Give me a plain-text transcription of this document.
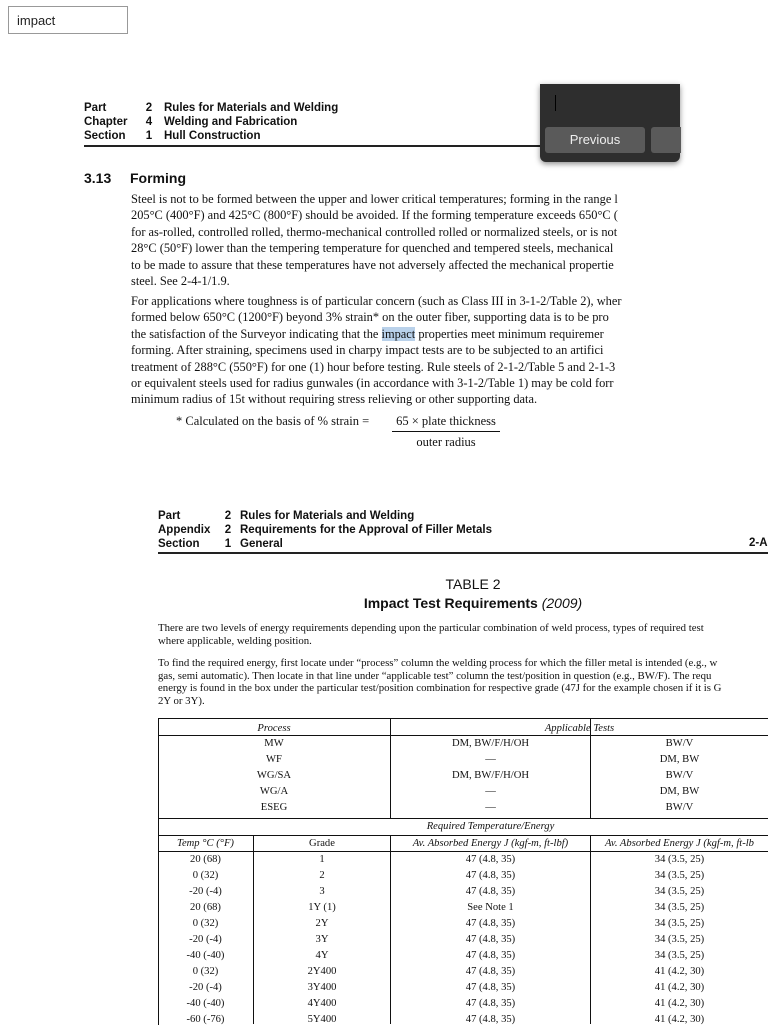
Part	2	Rules for Materials and Welding
Chapter	4	Welding and Fabrication
Section	1	Hull Construction
impact
Previous
3.13 Forming
Steel is not to be formed between the upper and lower critical temperatures; forming in the range l
205°C (400°F) and 425°C (800°F) should be avoided. If the forming temperature exceeds 650°C (
for as-rolled, controlled rolled, thermo-mechanical controlled rolled or normalized steels, or is not
28°C (50°F) lower than the tempering temperature for quenched and tempered steels, mechanical
to be made to assure that these temperatures have not adversely affected the mechanical propertie
steel. See 2-4-1/1.9.
For applications where toughness is of particular concern (such as Class III in 3-1-2/Table 2), wher
formed below 650°C (1200°F) beyond 3% strain* on the outer fiber, supporting data is to be pro
the satisfaction of the Surveyor indicating that the impact properties meet minimum requiremer
forming. After straining, specimens used in charpy impact tests are to be subjected to an artifici
treatment of 288°C (550°F) for one (1) hour before testing. Rule steels of 2-1-2/Table 5 and 2-1-3
or equivalent steels used for radius gunwales (in accordance with 3-1-2/Table 1) may be cold forr
minimum radius of 15t without requiring stress relieving or other supporting data.
* Calculated on the basis of % strain =	65 × plate thickness
outer radius
Part	2 Rules for Materials and Welding
Appendix	2 Requirements for the Approval of Filler Metals
Section	1 General	2-A
TABLE 2
Impact Test Requirements (2009)
There are two levels of energy requirements depending upon the particular combination of weld process, types of required test
where applicable, welding position.
To find the required energy, first locate under “process” column the welding process for which the filler metal is intended (e.g., w
gas, semi automatic). Then locate in that line under “applicable test” column the test/position in question (e.g., BW/F). The requ
energy is found in the box under the particular test/position combination for respective grade (47J for the example chosen if it is G
2Y or 3Y).
Process	Applicable Tests
MW	DM, BW/F/H/OH	BW/V
WF	—	DM, BW
WG/SA	DM, BW/F/H/OH	BW/V
WG/A	—	DM, BW
ESEG	—	BW/V
Required Temperature/Energy
Temp °C (°F)	Grade	Av. Absorbed Energy J (kgf-m, ft-lbf)	Av. Absorbed Energy J (kgf-m, ft-lb
20 (68)	1	47 (4.8, 35)	34 (3.5, 25)
0 (32)	2	47 (4.8, 35)	34 (3.5, 25)
-20 (-4)	3	47 (4.8, 35)	34 (3.5, 25)
20 (68)	1Y (1)	See Note 1	34 (3.5, 25)
0 (32)	2Y	47 (4.8, 35)	34 (3.5, 25)
-20 (-4)	3Y	47 (4.8, 35)	34 (3.5, 25)
-40 (-40)	4Y	47 (4.8, 35)	34 (3.5, 25)
0 (32)	2Y400	47 (4.8, 35)	41 (4.2, 30)
-20 (-4)	3Y400	47 (4.8, 35)	41 (4.2, 30)
-40 (-40)	4Y400	47 (4.8, 35)	41 (4.2, 30)
-60 (-76)	5Y400	47 (4.8, 35)	41 (4.2, 30)
